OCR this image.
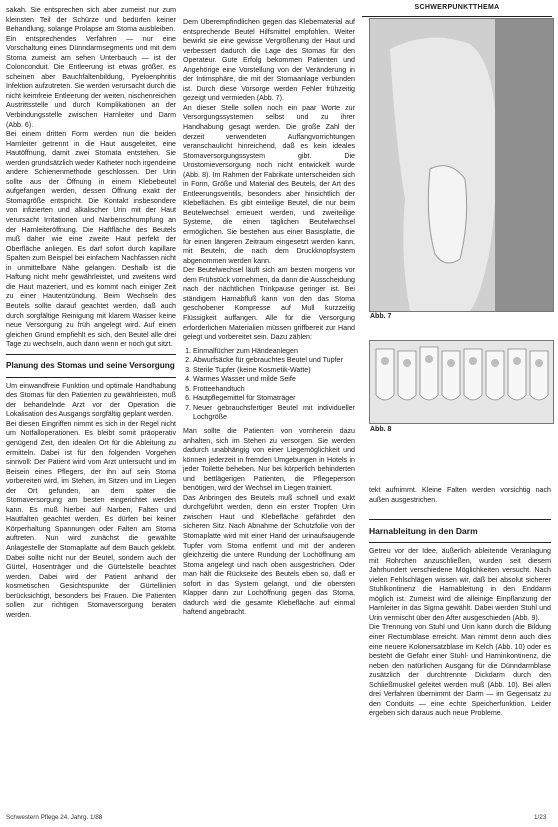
SCHWERPUNKTTHEMA

sakah. Sie entsprechen sich aber zumeist nur zum kleinsten Teil der Schürze und bedürfen keiner Behandlung, solange Prolapse am Stoma ausbleiben.

Ein entsprechendes Verfahren — nur eine Vorschaltung eines Dünndarmsegments und mit dem Stoma zumeist am sehen Unterbauch — ist der Colonconduit. Die Entleerung ist etwas größer, es scheinen aber Bauchfaltenbildung, Pyeloenphritis Infektion aufzutreten. Sie werden verursacht durch die nicht keimfreie Entleerung der weiten, nischenreichen Austrittsstelle und durch Komplikationen an der Verbindungsstelle zwischen Harnleiter und Darm (Abb. 6).

Bei einem dritten Form werden nun die beiden Harnleiter getrennt in die Haut ausgeleitet, eine Hautöffnung, damit zwei Stomata entstehen. Sie werden grundsätzlich weder Katheter noch irgendeine andere Schienenmethode geschlossen. Der Urin sollte aus der Öffnung in einem Klebebeutel aufgefangen werden, dessen Öffnung exakt der Stomagröße entspricht. Die Kontakt insbesondere von infizierten und alkalischer Urin mit der Haut verursacht Irritationen und Narbenschrumpfung an der Harnleiteröffnung. Die Haftfläche des Beutels muß daher wie eine zweite Haut perfekt der Oberfläche anliegen. Es darf sofort durch kapillare Spalten zum Beispiel bei einfachem Nachfassen nicht in unmittelbare Nähe gelangen. Deshalb ist die Haftung nicht mehr gewährleistet, und zweitens wird die Haut mazeriert, und es kommt nach einiger Zeit zu einer Hautentzündung. Beim Wechseln des Beutels sollte darauf geachtet werden, daß auch durch sorgfältige Reinigung mit klarem Wasser keine neue Versorgung zu früh angelegt wird. Auf einen gleichen Grund empfiehlt es sich, den Beutel alle drei Tage zu wechseln, auch dann wenn er noch gut sitzt.

Planung des Stomas und seine Versorgung

Um einwandfreie Funktion und optimale Handhabung des Stomas für den Patienten zu gewährleisten, muß der behandelnde Arzt vor der Operation die Lokalisation des Ausgangs sorgfältig geplant werden.

Bei diesen Eingriffen nimmt es sich in der Regel nicht um Notfalloperationen. Es bleibt somit präoperativ genügend Zeit, den idealen Ort für die Ableitung zu ermitteln. Dabei ist für den folgenden Vorgehen sinnvoll: Der Patient wird vom Arzt untersucht und im Beisein eines Pflegers, der ihn auf sein Stoma vorbereiten wird, im Stehen, im Sitzen und im Liegen der Ort gefunden, an dem später die Stomaversorgung am besten eingerichtet werden kann. Es muß hierbei auf Narben, Falten und Hautfalten geachtet werden. Es dürfen bei keiner Körperhaltung Spannungen oder Falten am Stoma auftreten. Nun wird zunächst die gewählte Anlagestelle der Stomaplatte auf dem Bauch geklebt. Dabei sollte nicht nur der Beutel, sondern auch der Gürtel, Hosenträger und die Gürtelstelle beachtet werden. Dabei wird der Patient anhand der kosmetischen Gesichtspunkte der Gürtellinien berücksichtigt, besonders bei Frauen. Die Patienten sollen zur richtigen Stomaversorgung beraten werden.

Dem Überempfindlichen gegen das Klebematerial auf entsprechende Beutel Hilfsmittel empfohlen. Weiter bewirkt sie eine gewisse Vergrößerung der Haut und verbessert dadurch die Lage des Stomas für den Operateur. Gute Erfolg bekommen Patienten und Angehörige eine Vorstellung von der Veränderung in der Intimsphäre, die mit der Stomaanlage verbunden ist. Durch diese Vorsorge werden Fehler frühzeitig gezeigt und vermieden (Abb. 7).

An dieser Stelle sollen noch ein paar Worte zur Versorgungssystemen selbst und zu ihrer Handhabung gesagt werden. Die große Zahl der derzeit verwendeten Auffangvorrichtungen veranschaulicht hinreichend, daß es kein ideales Stomaversorgungssystem gibt. Die Urostomieversorgung noch nicht entwickelt wurde (Abb. 8). Im Rahmen der Fabrikate unterscheiden sich in Form, Größe und Material des Beutels, der Art des Entleerungsventils, besonders aber hinsichtlich der Klebeflächen. Es gibt einteilige Beutel, die nur beim Beutelwechsel erneuert werden, und zweiteilige Systeme, die einen täglichen Beutelwechsel ermöglichen. Sie bestehen aus einer Basisplatte, die für einen längeren Zeitraum eingesetzt werden kann, mit Beuteln, die nach dem Druckknopfsystem abgenommen werden kann.

Der Beutelwechsel läuft sich am besten morgens vor dem Frühstück vornehmen, da dann die Ausscheidung nach der nächtlichen Trinkpause geringer ist. Bei ständigem Harnabfluß kann von den das Stoma geschobener Kompresse auf Mull kurzzeitig Flüssigkeit auffangen. Alle für die Versorgung erforderlichen Materialien müssen griffbereit zur Hand gelegt und vorbereitet sein. Dazu zählen:

1. Einmalfücher zum Händeanlegen
2. Abwurfsäcke für gebrauchtes Beutel und Tupfer
3. Sterile Tupfer (keine Kosmetik-Watte)
4. Warmes Wasser und milde Seife
5. Frotteehandtuch
6. Hautpflegemittel für Stomaträger
7. Neuer gebrauchsfertiger Beutel mit individueller Lochgröße

Man sollte die Patienten von vornherein dazu anhalten, sich im Stehen zu versorgen. Sie werden dadurch unabhängig von einer Liegemöglichkeit und können jederzeit in fremden Umgebungen in Hotels in jeder Toilette beheben. Nur bei körperlich behinderten und bettlägerigen Patienten, die Pflegeperson benötigen, wird der Wechsel im Liegen trainiert.

Das Anbringen des Beutels muß schnell und exakt durchgeführt werden, denn ein erster Tropfen Urin zwischen Haut und Klebefläche gefährdet den sicheren Sitz. Nach Abnahme der Schutzfolie von der Stomaplatte wird mit einer Hand der urinaufsaugende Tupfer vom Stoma entfernt und mit der anderen gleichzeitig die untere Rundung der Lochöffnung am Stoma angelegt und nach oben ausgestrichen. Oder man hält die Rückseite des Beutels eben so, daß er sofort in das System gelangt, und die obersten Klapper dann zur Lochöffnung gegen das Stoma, dadurch wird die gesamte Klebefläche auf einmal haftend angebracht.

Abb. 7
Abb. 8

tekt aufnimmt. Kleine Falten werden vorsichtig nach außen ausgestrichen.

Harnableitung in den Darm

Getreu vor der Idee, äußerlich ableitende Veranlagung mit Rohrchen anzuschließen, wurden seit diesem Jahrhundert verschiedene Möglichkeiten versucht. Nach vielen Fehlschlägen wissen wir, daß bei absolut sicherer Stuhlkontinenz die Harnableitung in den Enddarm möglich ist. Zumeist wird die alleinige Einpflanzung der Harnleiter in das Sigma gewählt. Dabei werden Stuhl und Urin vermischt über den After ausgeschieden (Abb. 9).

Die Trennung von Stuhl und Urin kann durch die Bildung einer Rectumblase erreicht. Man nimmt denn auch dies eine neuere Kolonersatzblase im Kelch (Abb. 10) oder es besteht die Gefahr einer Stuhl- und Harninkontinenz, die neben den natürlichen Ausgang für die Dünndarmblase zusätzlich der durchtrennte Dickdarm durch den Schließmuskel geleitet werden muß (Abb. 10). Bei allen drei Verfahren übernimmt der Darm — im Gegensatz zu den Conduits — eine echte Speicherfunktion. Leider ergeben sich daraus auch neue Probleme.

Schwestern Pflege 24. Jahrg. 1/88	1/23
